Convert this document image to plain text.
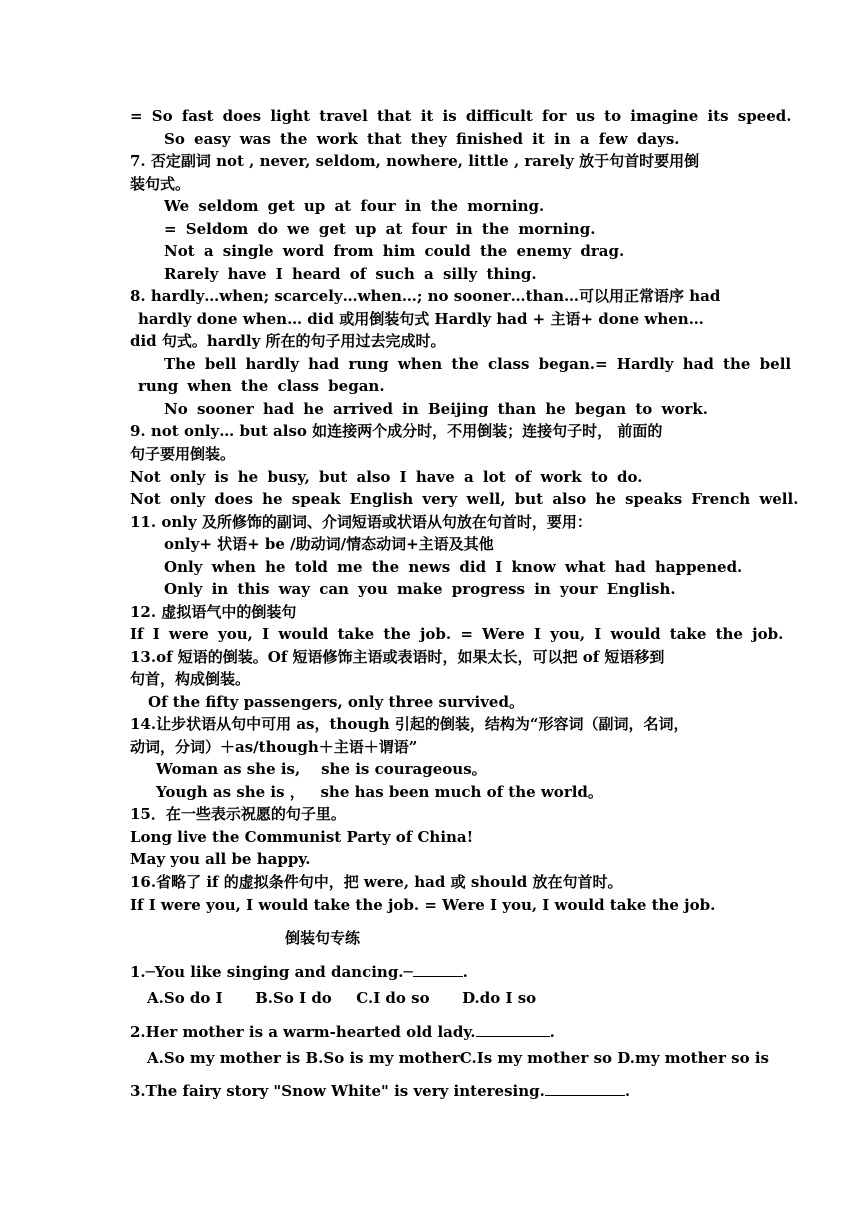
= So fast does light travel that it is difficult for us to imagine its speed.
So easy was the work that they finished it in a few days.
7. 否定副词 not , never, seldom, nowhere, little , rarely 放于句首时要用倒
装句式。
We seldom get up at four in the morning.
= Seldom do we get up at four in the morning.
Not a single word from him could the enemy drag.
Rarely have I heard of such a silly thing.
8. hardly…when; scarcely…when…; no sooner…than…可以用正常语序 had
hardly done when… did 或用倒装句式 Hardly had + 主语+ done when…
did 句式。hardly 所在的句子用过去完成时。
The bell hardly had rung when the class began.= Hardly had the bell
rung when the class began.
No sooner had he arrived in Beijing than he began to work.
9. not only… but also 如连接两个成分时，不用倒装；连接句子时， 前面的
句子要用倒装。
Not only is he busy, but also I have a lot of work to do.
Not only does he speak English very well, but also he speaks French well.
11. only 及所修饰的副词、介词短语或状语从句放在句首时，要用：
only+ 状语+ be /助动词/情态动词+主语及其他
Only when he told me the news did I know what had happened.
Only in this way can you make progress in your English.
12. 虚拟语气中的倒装句
If I were you, I would take the job. = Were I you, I would take the job.
13.of 短语的倒装。Of 短语修饰主语或表语时，如果太长，可以把 of 短语移到
句首，构成倒装。
Of the fifty passengers, only three survived。
14.让步状语从句中可用 as，though 引起的倒装，结构为“形容词（副词，名词，
动词，分词）＋as/though＋主语＋谓语”
Woman as she is,    she is courageous。
Yough as she is ，   she has been much of the world。
15．在一些表示祝愿的句子里。
Long live the Communist Party of China!
May you all be happy.
16.省略了 if 的虚拟条件句中，把 were, had 或 should 放在句首时。
If I were you, I would take the job. = Were I you, I would take the job.
倒装句专练
1.─You like singing and dancing.─	.
A.So do I B.So I do C.I do so D.do I so
2.Her mother is a warm-hearted old lady.	.
A.So my mother is B.So is my motherC.Is my mother so D.my mother so is
3.The fairy story "Snow White" is very interesing.	.
